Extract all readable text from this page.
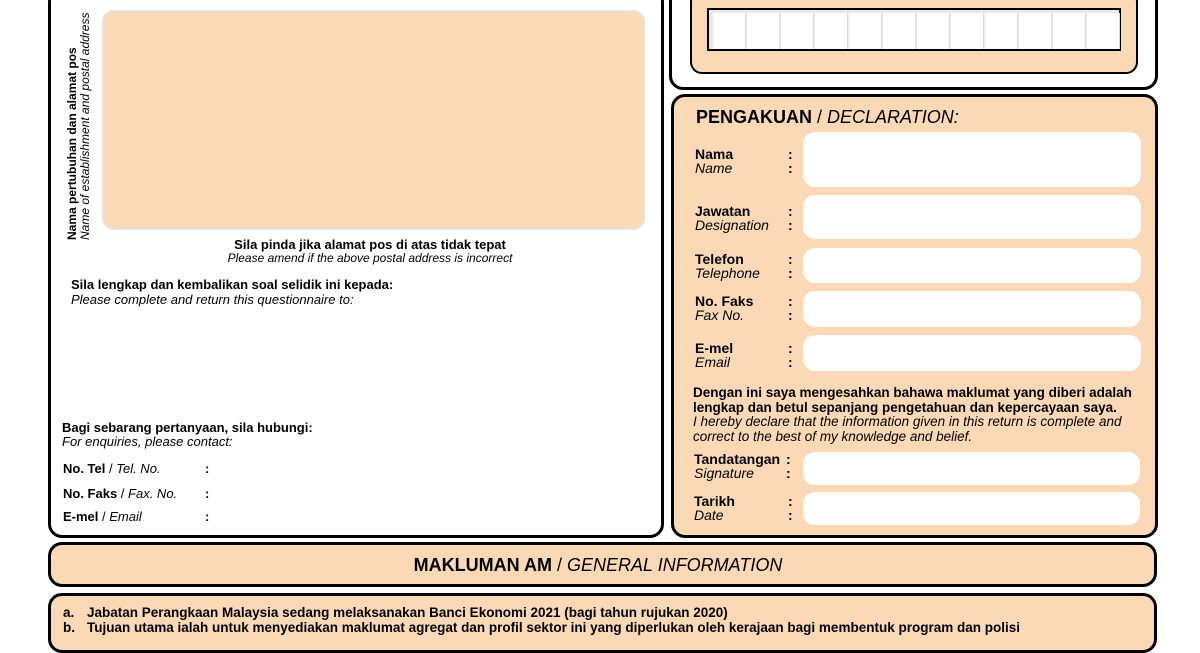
Nama pertubuhan dan alamat pos Name of establishment and postal address
Sila pinda jika alamat pos di atas tidak tepat
Please amend if the above postal address is incorrect
Sila lengkap dan kembalikan soal selidik ini kepada:
Please complete and return this questionnaire to:
Bagi sebarang pertanyaan, sila hubungi:
For enquiries, please contact:
No. Tel / Tel. No.	:
No. Faks / Fax. No. :
E-mel / Email	:
PENGAKUAN / DECLARATION:
Nama
Name
:
:
Jawatan
Designation
:
:
Telefon
Telephone
:
:
No. Faks
Fax No.
:
:
E-mel
Email
:
:
Dengan ini saya mengesahkan bahawa maklumat yang diberi adalah
lengkap dan betul sepanjang pengetahuan dan kepercayaan saya.
I hereby declare that the information given in this return is complete and
correct to the best of my knowledge and belief.
Tandatangan
Signature
:
:
Tarikh
Date
:
:
MAKLUMAN AM / GENERAL INFORMATION
a. Jabatan Perangkaan Malaysia sedang melaksanakan Banci Ekonomi 2021 (bagi tahun rujukan 2020)
b. Tujuan utama ialah untuk menyediakan maklumat agregat dan profil sektor ini yang diperlukan oleh kerajaan bagi membentuk program dan polisi
